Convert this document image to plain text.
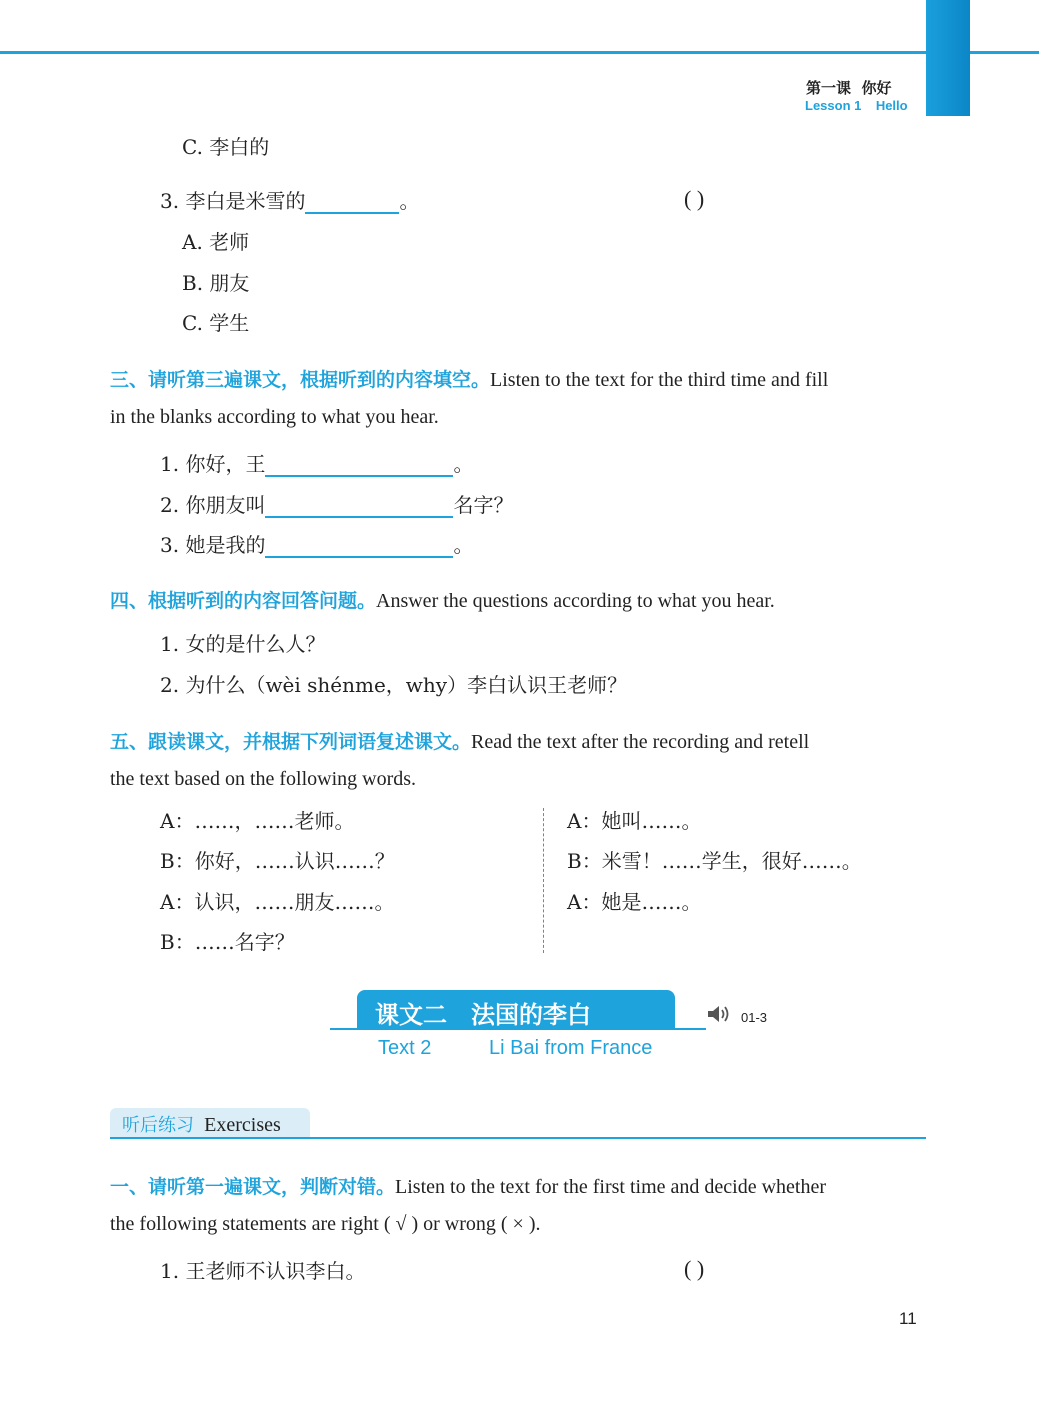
第一课 你好
Lesson 1 Hello
C. 李白的
3. 李白是米雪的	。	( )
A. 老师
B. 朋友
C. 学生
三、请听第三遍课文，根据听到的内容填空。Listen to the text for the third time and fill
in the blanks according to what you hear.
1. 你好，王	。
2. 你朋友叫	名字？
3. 她是我的	。
四、根据听到的内容回答问题。Answer the questions according to what you hear.
1. 女的是什么人？
2. 为什么（wèi shénme，why）李白认识王老师？
五、跟读课文，并根据下列词语复述课文。Read the text after the recording and retell
the text based on the following words.
A：……，……老师。
B：你好，……认识……？
A：认识，……朋友……。
B：……名字？
A：她叫……。
B：米雪！……学生，很好……。
A：她是……。
课文二　法国的李白	01-3
Text 2	Li Bai from France
听后练习 Exercises
一、请听第一遍课文，判断对错。Listen to the text for the first time and decide whether
the following statements are right ( √ ) or wrong ( × ).
1. 王老师不认识李白。	( )
11
